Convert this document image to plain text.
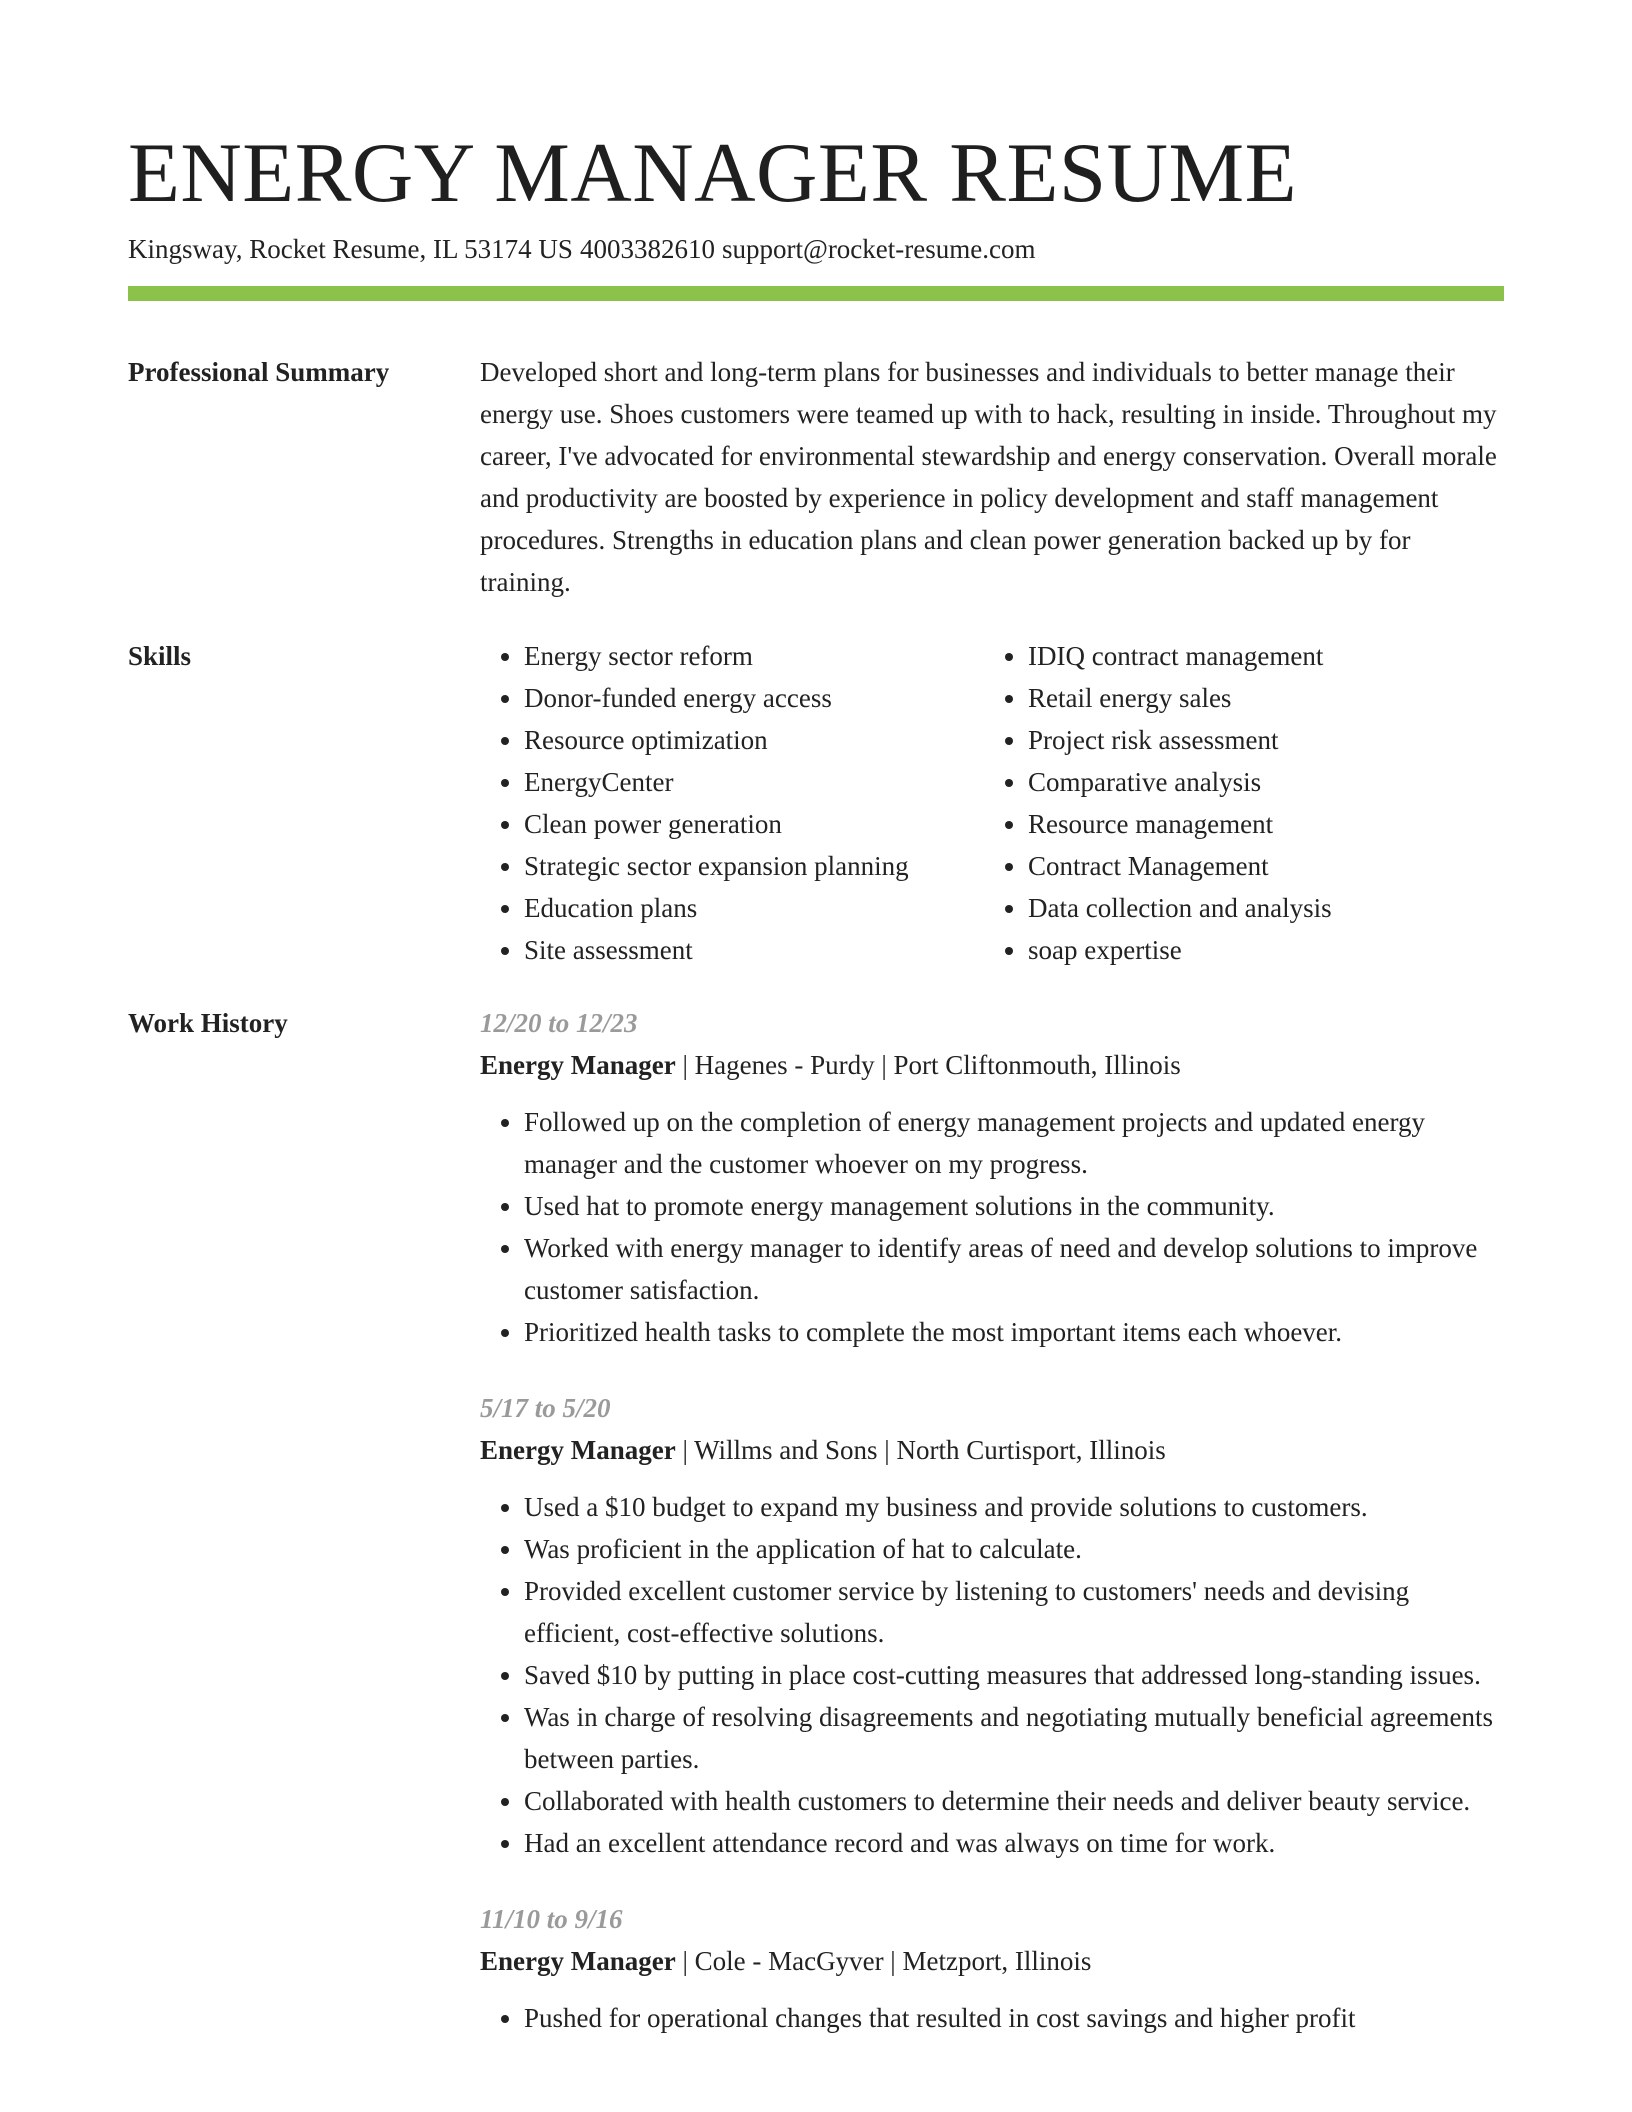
ENERGY MANAGER RESUME
Kingsway, Rocket Resume, IL 53174 US 4003382610 support@rocket-resume.com
Professional Summary	Developed short and long-term plans for businesses and individuals to better manage their energy use. Shoes customers were teamed up with to hack, resulting in inside. Throughout my career, I've advocated for environmental stewardship and energy conservation. Overall morale and productivity are boosted by experience in policy development and staff management procedures. Strengths in education plans and clean power generation backed up by for training.

Skills
•	Energy sector reform
• Donor-funded energy access
• Resource optimization
• EnergyCenter
• Clean power generation
• Strategic sector expansion planning
• Education plans
• Site assessment
• IDIQ contract management
• Retail energy sales
• Project risk assessment
• Comparative analysis
• Resource management
• Contract Management
• Data collection and analysis
• soap expertise
Work History	12/20 to 12/23
Energy Manager | Hagenes - Purdy | Port Cliftonmouth, Illinois
• Followed up on the completion of energy management projects and updated energy manager and the customer whoever on my progress.
• Used hat to promote energy management solutions in the community.
• Worked with energy manager to identify areas of need and develop solutions to improve customer satisfaction.
• Prioritized health tasks to complete the most important items each whoever.
5/17 to 5/20
Energy Manager | Willms and Sons | North Curtisport, Illinois
• Used a $10 budget to expand my business and provide solutions to customers.
• Was proficient in the application of hat to calculate.
• Provided excellent customer service by listening to customers' needs and devising efficient, cost-effective solutions.
• Saved $10 by putting in place cost-cutting measures that addressed long-standing issues.
• Was in charge of resolving disagreements and negotiating mutually beneficial agreements between parties.
• Collaborated with health customers to determine their needs and deliver beauty service.
• Had an excellent attendance record and was always on time for work.
11/10 to 9/16
Energy Manager | Cole - MacGyver | Metzport, Illinois
• Pushed for operational changes that resulted in cost savings and higher profit
